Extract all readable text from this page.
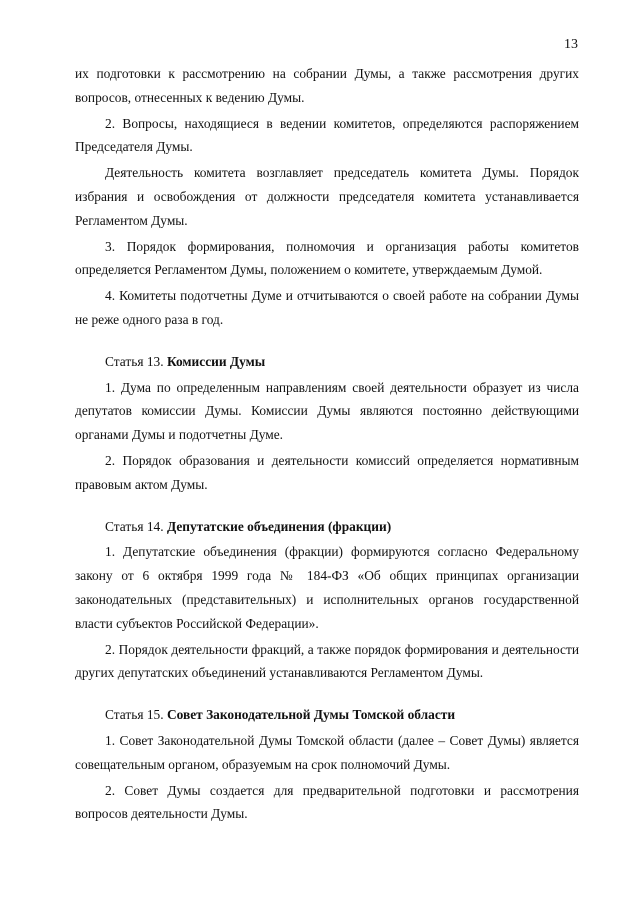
13

их подготовки к рассмотрению на собрании Думы, а также рассмотрения других вопросов, отнесенных к ведению Думы.

2. Вопросы, находящиеся в ведении комитетов, определяются распоряжением Председателя Думы.

Деятельность комитета возглавляет председатель комитета Думы. Порядок избрания и освобождения от должности председателя комитета устанавливается Регламентом Думы.

3. Порядок формирования, полномочия и организация работы комитетов определяется Регламентом Думы, положением о комитете, утверждаемым Думой.

4. Комитеты подотчетны Думе и отчитываются о своей работе на собрании Думы не реже одного раза в год.

Статья 13. Комиссии Думы

1. Дума по определенным направлениям своей деятельности образует из числа депутатов комиссии Думы. Комиссии Думы являются постоянно действующими органами Думы и подотчетны Думе.

2. Порядок образования и деятельности комиссий определяется нормативным правовым актом Думы.

Статья 14. Депутатские объединения (фракции)

1. Депутатские объединения (фракции) формируются согласно Федеральному закону от 6 октября 1999 года № 184-ФЗ «Об общих принципах организации законодательных (представительных) и исполнительных органов государственной власти субъектов Российской Федерации».

2. Порядок деятельности фракций, а также порядок формирования и деятельности других депутатских объединений устанавливаются Регламентом Думы.

Статья 15. Совет Законодательной Думы Томской области

1. Совет Законодательной Думы Томской области (далее – Совет Думы) является совещательным органом, образуемым на срок полномочий Думы.

2. Совет Думы создается для предварительной подготовки и рассмотрения вопросов деятельности Думы.
